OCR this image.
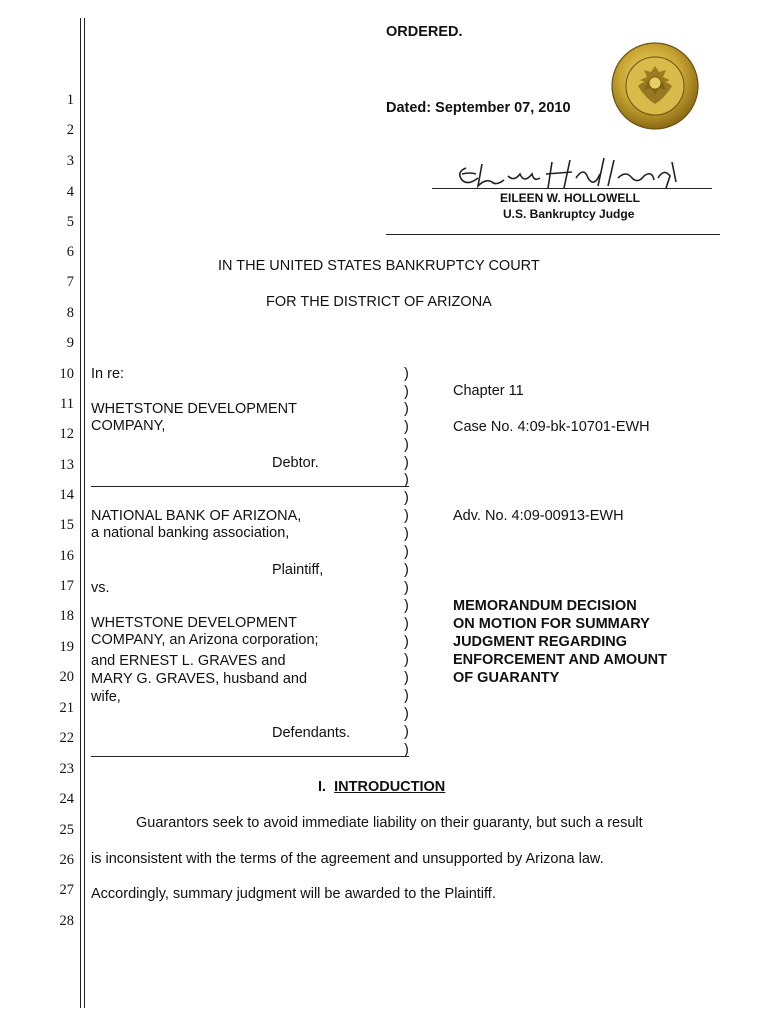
1
2
3
4
5
6
7
8
9
10
11
12
13
14
15
16
17
18
19
20
21
22
23
24
25
26
27
28
ORDERED.
Dated: September 07, 2010
EILEEN W. HOLLOWELL
U.S. Bankruptcy Judge
IN THE UNITED STATES BANKRUPTCY COURT
FOR THE DISTRICT OF ARIZONA
In re:
WHETSTONE DEVELOPMENT
COMPANY,
Debtor.
NATIONAL BANK OF ARIZONA,
a national banking association,
Plaintiff,
vs.
WHETSTONE DEVELOPMENT
COMPANY, an Arizona corporation;
and ERNEST L. GRAVES and
MARY G. GRAVES, husband and
wife,
Defendants.
)
)
)
)
)
)
)
)
)
)
)
)
)
)
)
)
)
)
)
)
)
)
Chapter 11
Case No. 4:09-bk-10701-EWH
Adv. No. 4:09-00913-EWH
MEMORANDUM DECISION
ON MOTION FOR SUMMARY
JUDGMENT REGARDING
ENFORCEMENT AND AMOUNT
OF GUARANTY
I. INTRODUCTION
Guarantors seek to avoid immediate liability on their guaranty, but such a result
is inconsistent with the terms of the agreement and unsupported by Arizona law.
Accordingly, summary judgment will be awarded to the Plaintiff.
